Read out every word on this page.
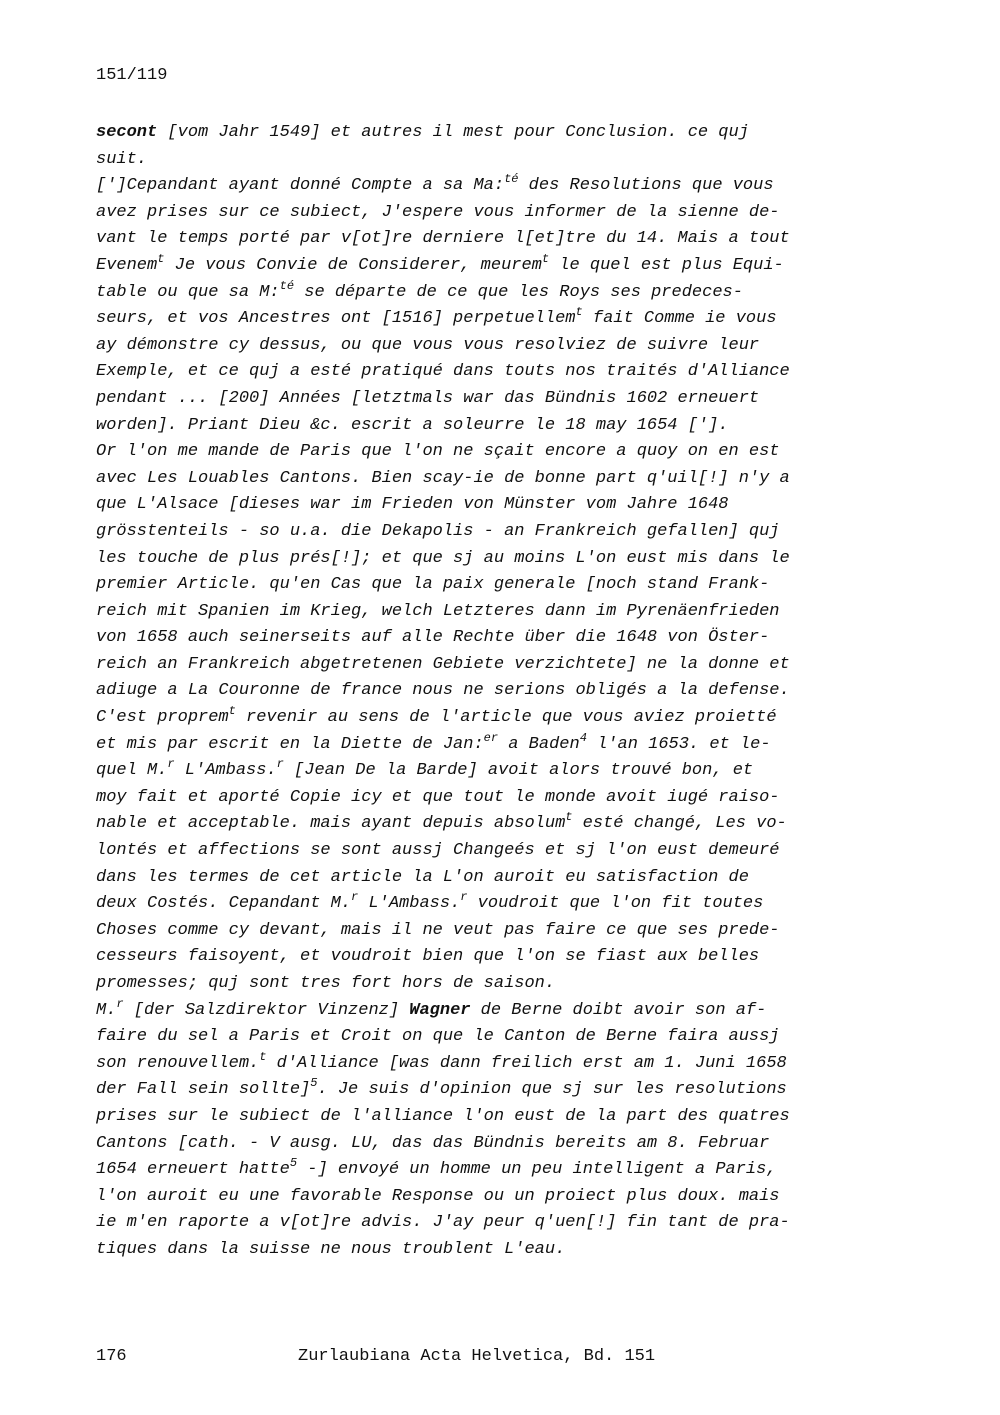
151/119
secont [vom Jahr 1549] et autres il mest pour Conclusion. ce quj
suit.
[']Cepandant ayant donné Compte a sa Ma:$^{té}$ des Resolutions que vous
avez prises sur ce subiect, J'espere vous informer de la sienne de-
vant le temps porté par v[ot]re derniere l[et]tre du 14. Mais a tout
Evenem$^t$ Je vous Convie de Considerer, meurem$^t$ le quel est plus Equi-
table ou que sa M:$^{té}$ se départe de ce que les Roys ses predeces-
seurs, et vos Ancestres ont [1516] perpetuellem$^t$ fait Comme ie vous
ay démonstre cy dessus, ou que vous vous resolviez de suivre leur
Exemple, et ce quj a esté pratiqué dans touts nos traités d'Alliance
pendant ... [200] Années [letztmals war das Bündnis 1602 erneuert
worden]. Priant Dieu &c. escrit a soleurre le 18 may 1654 ['].
Or l'on me mande de Paris que l'on ne sçait encore a quoy on en est
avec Les Louables Cantons. Bien scay-ie de bonne part q'uil[!] n'y a
que L'Alsace [dieses war im Frieden von Münster vom Jahre 1648
grösstenteils - so u.a. die Dekapolis - an Frankreich gefallen] quj
les touche de plus prés[!]; et que sj au moins L'on eust mis dans le
premier Article. qu'en Cas que la paix generale [noch stand Frank-
reich mit Spanien im Krieg, welch Letzteres dann im Pyrenäenfrieden
von 1658 auch seinerseits auf alle Rechte über die 1648 von Öster-
reich an Frankreich abgetretenen Gebiete verzichtete] ne la donne et
adiuge a La Couronne de france nous ne serions obligés a la defense.
C'est proprem$^t$ revenir au sens de l'article que vous aviez proietté
et mis par escrit en la Diette de Jan:$^{er}$ a Baden$^4$ l'an 1653. et le-
quel M.$^r$ L'Ambass.$^r$ [Jean De la Barde] avoit alors trouvé bon, et
moy fait et aporté Copie icy et que tout le monde avoit iugé raiso-
nable et acceptable. mais ayant depuis absolum$^t$ esté changé, Les vo-
lontés et affections se sont aussj Changeés et sj l'on eust demeuré
dans les termes de cet article la L'on auroit eu satisfaction de
deux Costés. Cepandant M.$^r$ L'Ambass.$^r$ voudroit que l'on fit toutes
Choses comme cy devant, mais il ne veut pas faire ce que ses prede-
cesseurs faisoyent, et voudroit bien que l'on se fiast aux belles
promesses; quj sont tres fort hors de saison.
M.$^r$ [der Salzdirektor Vinzenz] Wagner de Berne doibt avoir son af-
faire du sel a Paris et Croit on que le Canton de Berne faira aussj
son renouvellem.$^t$ d'Alliance [was dann freilich erst am 1. Juni 1658
der Fall sein sollte]$^5$. Je suis d'opinion que sj sur les resolutions
prises sur le subiect de l'alliance l'on eust de la part des quatres
Cantons [cath. - V ausg. LU, das das Bündnis bereits am 8. Februar
1654 erneuert hatte$^5$ -] envoyé un homme un peu intelligent a Paris,
l'on auroit eu une favorable Response ou un proiect plus doux. mais
ie m'en raporte a v[ot]re advis. J'ay peur q'uen[!] fin tant de pra-
tiques dans la suisse ne nous troublent L'eau.
176	Zurlaubiana Acta Helvetica, Bd. 151
